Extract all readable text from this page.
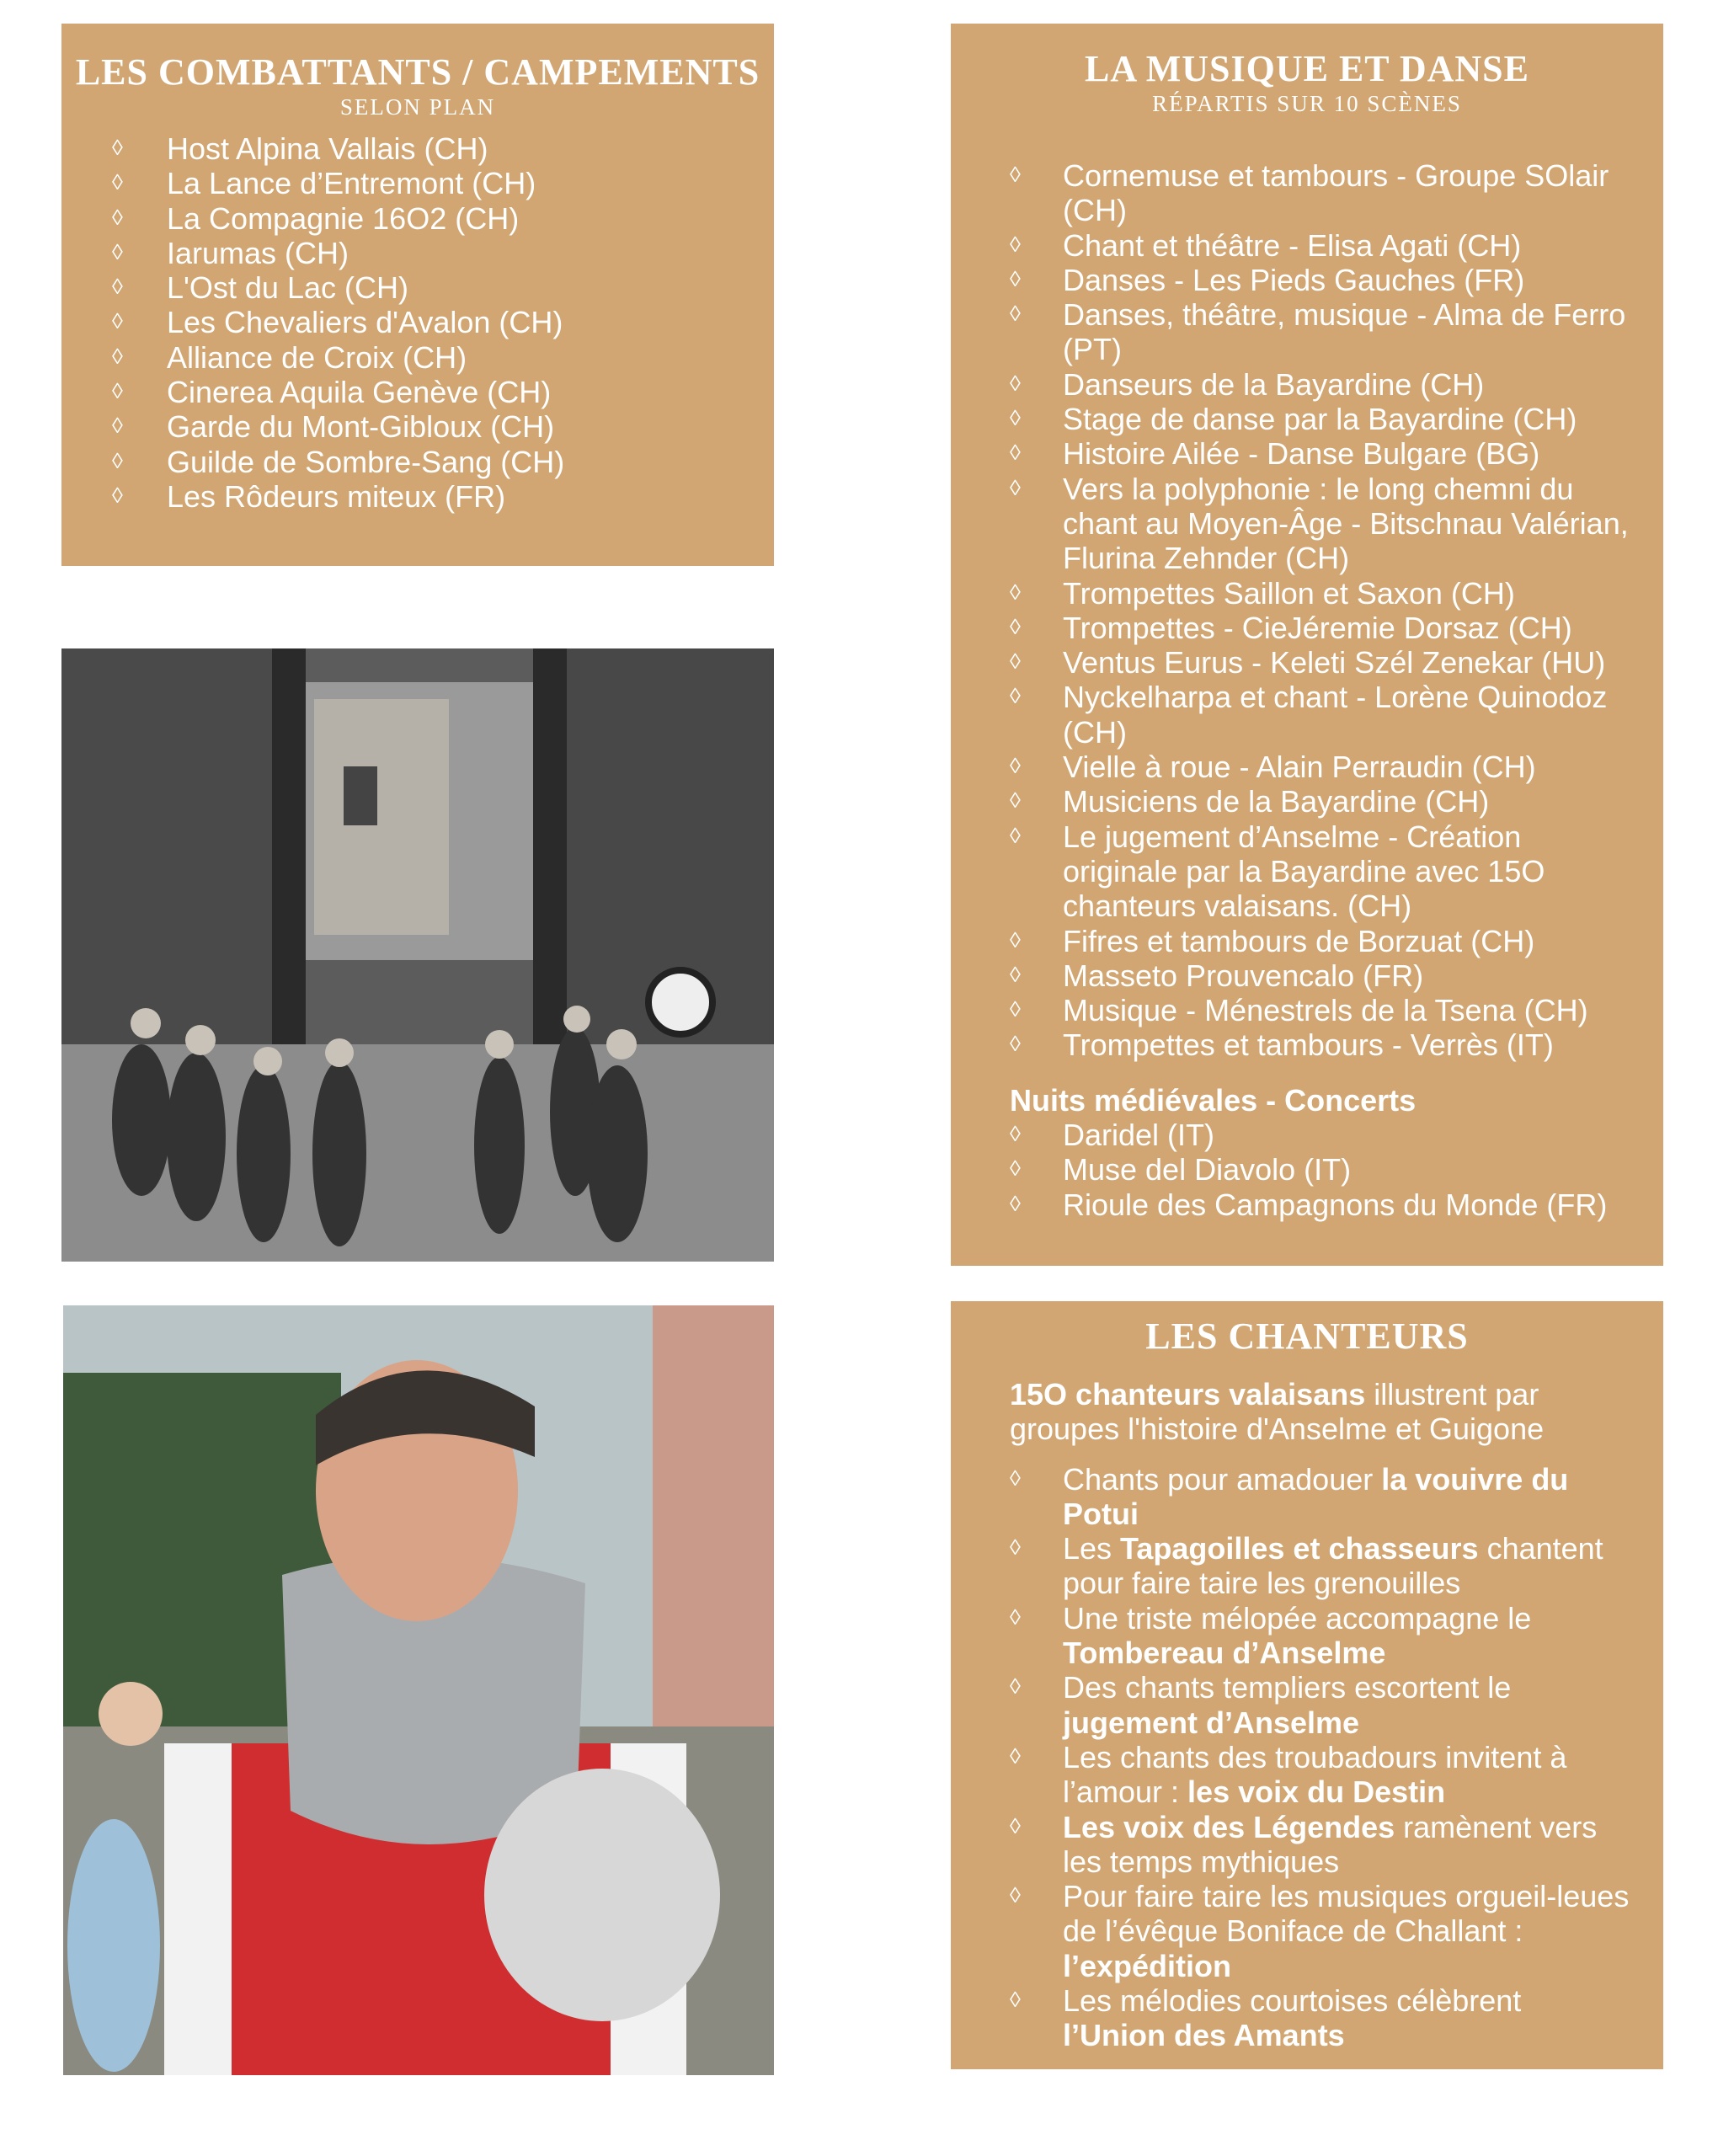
LES COMBATTANTS / CAMPEMENTS
SELON PLAN
◊	Host Alpina Vallais (CH)
◊	La Lance d’Entremont (CH)
◊	La Compagnie 16O2 (CH)
◊	Iarumas (CH)
◊	L'Ost du Lac (CH)
◊	Les Chevaliers d'Avalon (CH)
◊	Alliance de Croix (CH)
◊	Cinerea Aquila Genève (CH)
◊	Garde du Mont-Gibloux (CH)
◊	Guilde de Sombre-Sang (CH)
◊	Les Rôdeurs miteux (FR)
LA MUSIQUE ET DANSE
RÉPARTIS SUR 10 SCÈNES
◊	Cornemuse et tambours - Groupe SOlair (CH)
◊	Chant et théâtre - Elisa Agati (CH)
◊	Danses - Les Pieds Gauches (FR)
◊	Danses, théâtre, musique - Alma de Ferro (PT)
◊	Danseurs de la Bayardine (CH)
◊	Stage de danse par la Bayardine (CH)
◊	Histoire Ailée - Danse Bulgare (BG)
◊	Vers la polyphonie : le long chemni du chant au Moyen-Âge - Bitschnau Valérian, Flurina Zehnder (CH)
◊	Trompettes Saillon et Saxon (CH)
◊	Trompettes - CieJéremie Dorsaz (CH)
◊	Ventus Eurus - Keleti Szél Zenekar (HU)
◊	Nyckelharpa et chant - Lorène Quinodoz (CH)
◊	Vielle à roue - Alain Perraudin (CH)
◊	Musiciens de la Bayardine (CH)
◊	Le jugement d’Anselme - Création originale par la Bayardine avec 15O chanteurs valaisans. (CH)
◊	Fifres et tambours de Borzuat (CH)
◊	Masseto Prouvencalo (FR)
◊	Musique - Ménestrels de la Tsena (CH)
◊	Trompettes et tambours - Verrès (IT)
Nuits médiévales - Concerts
◊	Daridel (IT)
◊	Muse del Diavolo (IT)
◊	Rioule des Campagnons du Monde (FR)
LES CHANTEURS
15O chanteurs valaisans illustrent par groupes l'histoire d'Anselme et Guigone
◊	Chants pour amadouer la vouivre du Potui
◊	Les Tapagoilles et chasseurs chantent pour faire taire les grenouilles
◊	Une triste mélopée accompagne le Tombereau d’Anselme
◊	Des chants templiers escortent le jugement d’Anselme
◊	Les chants des troubadours invitent à l’amour : les voix du Destin
◊	Les voix des Légendes ramènent vers les temps mythiques
◊	Pour faire taire les musiques orgueil-leues de l’évêque Boniface de Challant : l’expédition
◊	Les mélodies courtoises célèbrent l’Union des Amants
